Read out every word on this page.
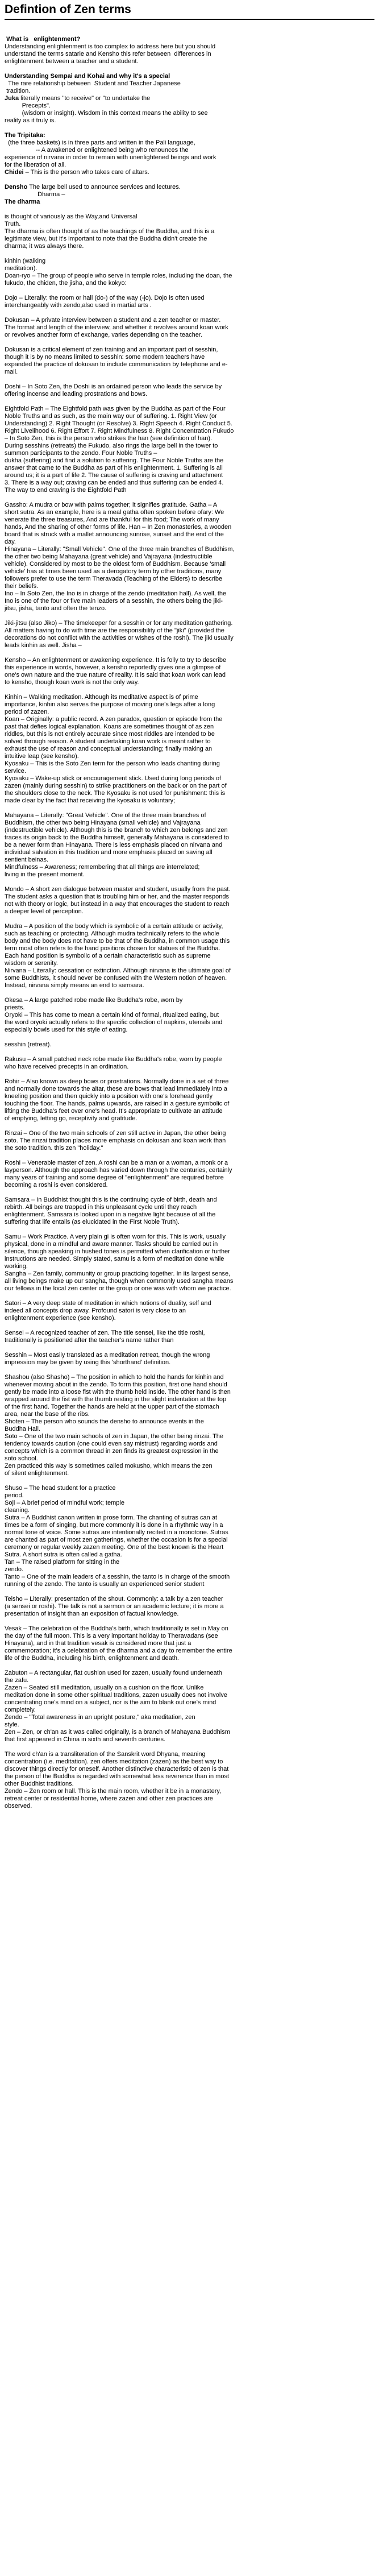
Defintion of Zen terms

What is   enlightenment?

Understanding enlightenment is too complex to address here but you should
understand the terms satarie and Kensho this refer between  differences in
enlightenment between a teacher and a student.

Understanding Sempai and Kohai and why it's a special

The rare relationship between  Student and Teacher Japanese
tradition.

Juka literally means "to receive" or "to undertake the
Precepts".
(wisdom or insight). Wisdom in this context means the ability to see
reality as it truly is.

The Tripitaka:

(the three baskets) is in three parts and written in the Pali language,
-- A awakened or enlightened being who renounces the
experience of nirvana in order to remain with unenlightened beings and work
for the liberation of all.

Chidei – This is the person who takes care of altars.

Densho The large bell used to announce services and lectures.
Dharma –

The dharma

is thought of variously as the Way,and Universal
Truth.
The dharma is often thought of as the teachings of the Buddha, and this is a
legitimate view, but it's important to note that the Buddha didn't create the
dharma; it was always there.

kinhin (walking
meditation).
Doan-ryo – The group of people who serve in temple roles, including the doan, the
fukudo, the chiden, the jisha, and the kokyo:

Dojo – Literally: the room or hall (do-) of the way (-jo). Dojo is often used
interchangeably with zendo,also used in martial arts .

Dokusan – A private interview between a student and a zen teacher or master.
The format and length of the interview, and whether it revolves around koan work
or revolves another form of exchange, varies depending on the teacher.

Dokusan is a critical element of zen training and an important part of sesshin,
though it is by no means limited to sesshin: some modern teachers have
expanded the practice of dokusan to include communication by telephone and e-
mail.

Doshi – In Soto Zen, the Doshi is an ordained person who leads the service by
offering incense and leading prostrations and bows.

Eightfold Path – The Eightfold path was given by the Buddha as part of the Four
Noble Truths and as such, as the main way our of suffering. 1. Right View (or
Understanding) 2. Right Thought (or Resolve) 3. Right Speech 4. Right Conduct 5.
Right Livelihood 6. Right Effort 7. Right Mindfulness 8. Right Concentration Fukudo
– In Soto Zen, this is the person who strikes the han (see definition of han).
During sesshins (retreats) the Fukudo, also rings the large bell in the tower to
summon participants to the zendo. Four Noble Truths –
dukha (suffering) and find a solution to suffering. The Four Noble Truths are the
answer that came to the Buddha as part of his enlightenment. 1. Suffering is all
around us; it is a part of life 2. The cause of suffering is craving and attachment
3. There is a way out; craving can be ended and thus suffering can be ended 4.
The way to end craving is the Eightfold Path

Gassho: A mudra or bow with palms together; it signifies gratitude. Gatha – A
short sutra. As an example, here is a meal gatha often spoken before ofary: We
venerate the three treasures, And are thankful for this food; The work of many
hands, And the sharing of other forms of life. Han – In Zen monasteries, a wooden
board that is struck with a mallet announcing sunrise, sunset and the end of the
day.
Hinayana – Literally: "Small Vehicle". One of the three main branches of Buddhism,
the other two being Mahayana (great vehicle) and Vajrayana (indestructible
vehicle). Considered by most to be the oldest form of Buddhism. Because 'small
vehicle' has at times been used as a derogatory term by other traditions, many
followers prefer to use the term Theravada (Teaching of the Elders) to describe
their beliefs.
Ino – In Soto Zen, the Ino is in charge of the zendo (meditation hall). As well, the
Ino is one of the four or five main leaders of a sesshin, the others being the jiki-
jitsu, jisha, tanto and often the tenzo.

Jiki-jitsu (also Jiko) – The timekeeper for a sesshin or for any meditation gathering.
All matters having to do with time are the responsibility of the "jiki" (provided the
decorations do not conflict with the activities or wishes of the roshi). The jiki usually
leads kinhin as well. Jisha –

Kensho – An enlightenment or awakening experience. It is folly to try to describe
this experience in words, however, a kensho reportedly gives one a glimpse of
one's own nature and the true nature of reality. It is said that koan work can lead
to kensho, though koan work is not the only way.

Kinhin – Walking meditation. Although its meditative aspect is of prime
importance, kinhin also serves the purpose of moving one's legs after a long
period of zazen.
Koan – Originally: a public record. A zen paradox, question or episode from the
past that defies logical explanation. Koans are sometimes thought of as zen
riddles, but this is not entirely accurate since most riddles are intended to be
solved through reason. A student undertaking koan work is meant rather to
exhaust the use of reason and conceptual understanding; finally making an
intuitive leap (see kensho).
Kyosaku – This is the Soto Zen term for the person who leads chanting during
service.
Kyosaku – Wake-up stick or encouragement stick. Used during long periods of
zazen (mainly during sesshin) to strike practitioners on the back or on the part of
the shoulders close to the neck. The Kyosaku is not used for punishment: this is
made clear by the fact that receiving the kyosaku is voluntary;

Mahayana – Literally: "Great Vehicle". One of the three main branches of
Buddhism, the other two being Hinayana (small vehicle) and Vajrayana
(indestructible vehicle). Although this is the branch to which zen belongs and zen
traces its origin back to the Buddha himself, generally Mahayana is considered to
be a newer form than Hinayana. There is less emphasis placed on nirvana and
individual salvation in this tradition and more emphasis placed on saving all
sentient beinas.
Mindfulness – Awareness; remembering that all things are interrelated;
living in the present moment.

Mondo – A short zen dialogue between master and student, usually from the past.
The student asks a question that is troubling him or her, and the master responds
not with theory or logic, but instead in a way that encourages the student to reach
a deeper level of perception.

Mudra – A position of the body which is symbolic of a certain attitude or activity,
such as teaching or protecting. Although mudra technically refers to the whole
body and the body does not have to be that of the Buddha, in common usage this
term most often refers to the hand positions chosen for statues of the Buddha.
Each hand position is symbolic of a certain characteristic such as supreme
wisdom or serenity.
Nirvana – Literally: cessation or extinction. Although nirvana is the ultimate goal of
some Buddhists, it should never be confused with the Western notion of heaven.
Instead, nirvana simply means an end to samsara.

Okesa – A large patched robe made like Buddha's robe, worn by
priests.
Oryoki – This has come to mean a certain kind of formal, ritualized eating, but
the word oryoki actually refers to the specific collection of napkins, utensils and
especially bowls used for this style of eating.

sesshin (retreat).

Rakusu – A small patched neck robe made like Buddha's robe, worn by people
who have received precepts in an ordination.

Rohir – Also known as deep bows or prostrations. Normally done in a set of three
and normally done towards the altar, these are bows that lead immediately into a
kneeling position and then quickly into a position with one's forehead gently
touching the floor. The hands, palms upwards, are raised in a gesture symbolic of
lifting the Buddha's feet over one's head. It's appropriate to cultivate an attitude
of emptying, letting go, receptivity and gratitude.

Rinzai – One of the two main schools of zen still active in Japan, the other being
soto. The rinzai tradition places more emphasis on dokusan and koan work than
the soto tradition. this zen "holiday."

Roshi – Venerable master of zen. A roshi can be a man or a woman, a monk or a
layperson. Although the approach has varied down through the centuries, certainly
many years of training and some degree of "enlightenment" are required before
becoming a roshi is even considered.

Samsara – In Buddhist thought this is the continuing cycle of birth, death and
rebirth. All beings are trapped in this unpleasant cycle until they reach
enlightenment. Samsara is looked upon in a negative light because of all the
suffering that life entails (as elucidated in the First Noble Truth).

Samu – Work Practice. A very plain gi is often worn for this. This is work, usually
physical, done in a mindful and aware manner. Tasks should be carried out in
silence, though speaking in hushed tones is permitted when clarification or further
instructions are needed. Simply stated, samu is a form of meditation done while
working.
Sangha – Zen family, community or group practicing together. In its largest sense,
all living beings make up our sangha, though when commonly used sangha means
our fellows in the local zen center or the group or one was with whom we practice.

Satori – A very deep state of meditation in which notions of duality, self and
indeed all concepts drop away. Profound satori is very close to an
enlightenment experience (see kensho).

Sensei – A recognized teacher of zen. The title sensei, like the title roshi,
traditionally is positioned after the teacher's name rather than

Sesshin – Most easily translated as a meditation retreat, though the wrong
impression may be given by using this 'shorthand' definition.

Shashou (also Shasho) – The position in which to hold the hands for kinhin and
whenever moving about in the zendo. To form this position, first one hand should
gently be made into a loose fist with the thumb held inside. The other hand is then
wrapped around the fist with the thumb resting in the slight indentation at the top
of the first hand. Together the hands are held at the upper part of the stomach
area, near the base of the ribs.
Shoten – The person who sounds the densho to announce events in the
Buddha Hall.
Soto – One of the two main schools of zen in Japan, the other being rinzai. The
tendency towards caution (one could even say mistrust) regarding words and
concepts which is a common thread in zen finds its greatest expression in the
soto school.
Zen practiced this way is sometimes called mokusho, which means the zen
of silent enlightenment.

Shuso – The head student for a practice
period.
Soji – A brief period of mindful work; temple
cleaning.
Sutra – A Buddhist canon written in prose form. The chanting of sutras can at
times be a form of singing, but more commonly it is done in a rhythmic way in a
normal tone of voice. Some sutras are intentionally recited in a monotone. Sutras
are chanted as part of most zen gatherings, whether the occasion is for a special
ceremony or regular weekly zazen meeting. One of the best known is the Heart
Sutra. A short sutra is often called a gatha.
Tan – The raised platform for sitting in the
zendo.
Tanto – One of the main leaders of a sesshin, the tanto is in charge of the smooth
running of the zendo. The tanto is usually an experienced senior student

Teisho – Literally: presentation of the shout. Commonly: a talk by a zen teacher
(a sensei or roshi). The talk is not a sermon or an academic lecture; it is more a
presentation of insight than an exposition of factual knowledge.

Vesak – The celebration of the Buddha's birth, which traditionally is set in May on
the day of the full moon. This is a very important holiday to Theravadans (see
Hinayana), and in that tradition vesak is considered more that just a
commemoration; it's a celebration of the dharma and a day to remember the entire
life of the Buddha, including his birth, enlightenment and death.

Zabuton – A rectangular, flat cushion used for zazen, usually found underneath
the zafu.
Zazen – Seated still meditation, usually on a cushion on the floor. Unlike
meditation done in some other spiritual traditions, zazen usually does not involve
concentrating one's mind on a subject, nor is the aim to blank out one's mind
completely.
Zendo – "Total awareness in an upright posture," aka meditation, zen
style.
Zen – Zen, or ch'an as it was called originally, is a branch of Mahayana Buddhism
that first appeared in China in sixth and seventh centuries.

The word ch'an is a transliteration of the Sanskrit word Dhyana, meaning
concentration (i.e. meditation). zen offers meditation (zazen) as the best way to
discover things directly for oneself. Another distinctive characteristic of zen is that
the person of the Buddha is regarded with somewhat less reverence than in most
other Buddhist traditions.
Zendo – Zen room or hall. This is the main room, whether it be in a monastery,
retreat center or residential home, where zazen and other zen practices are
observed.
